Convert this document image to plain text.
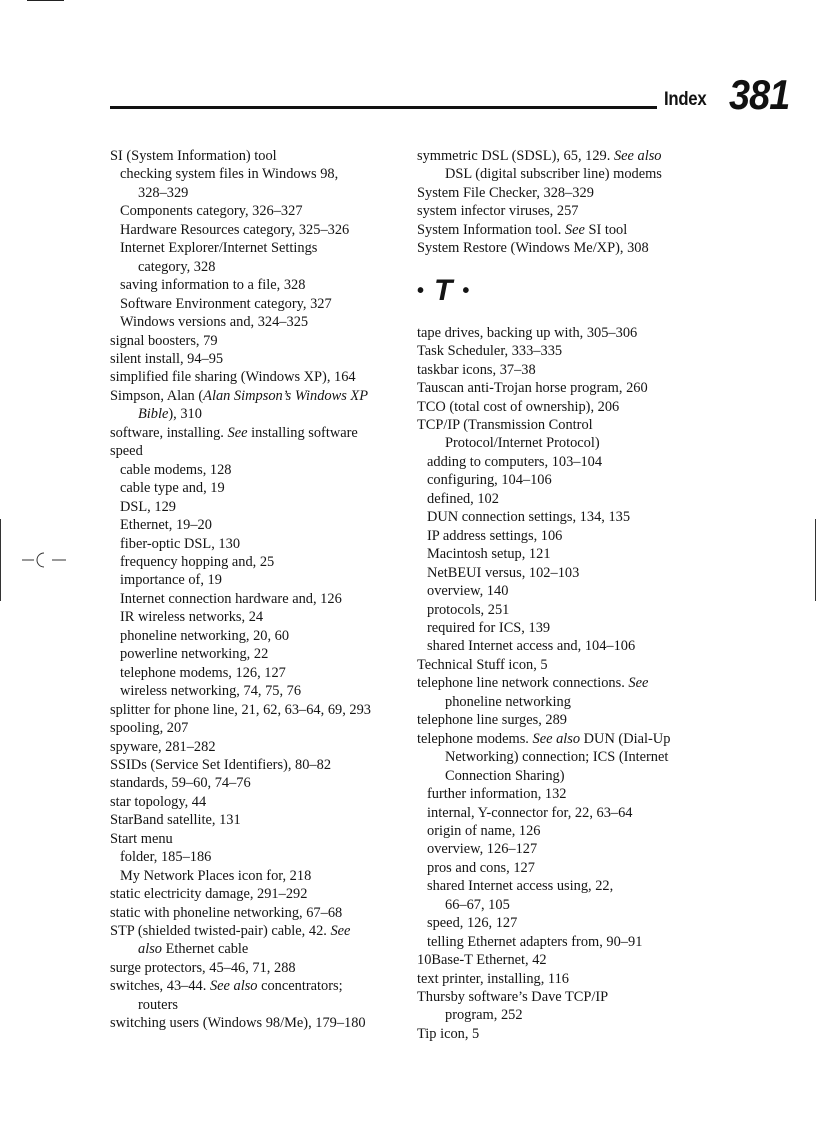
Index 381
SI (System Information) tool
checking system files in Windows 98,
328–329
Components category, 326–327
Hardware Resources category, 325–326
Internet Explorer/Internet Settings
category, 328
saving information to a file, 328
Software Environment category, 327
Windows versions and, 324–325
signal boosters, 79
silent install, 94–95
simplified file sharing (Windows XP), 164
Simpson, Alan (Alan Simpson’s Windows XP
Bible), 310
software, installing. See installing software
speed
cable modems, 128
cable type and, 19
DSL, 129
Ethernet, 19–20
fiber-optic DSL, 130
frequency hopping and, 25
importance of, 19
Internet connection hardware and, 126
IR wireless networks, 24
phoneline networking, 20, 60
powerline networking, 22
telephone modems, 126, 127
wireless networking, 74, 75, 76
splitter for phone line, 21, 62, 63–64, 69, 293
spooling, 207
spyware, 281–282
SSIDs (Service Set Identifiers), 80–82
standards, 59–60, 74–76
star topology, 44
StarBand satellite, 131
Start menu
folder, 185–186
My Network Places icon for, 218
static electricity damage, 291–292
static with phoneline networking, 67–68
STP (shielded twisted-pair) cable, 42. See
also Ethernet cable
surge protectors, 45–46, 71, 288
switches, 43–44. See also concentrators;
routers
switching users (Windows 98/Me), 179–180
symmetric DSL (SDSL), 65, 129. See also
DSL (digital subscriber line) modems
System File Checker, 328–329
system infector viruses, 257
System Information tool. See SI tool
System Restore (Windows Me/XP), 308
• T •
tape drives, backing up with, 305–306
Task Scheduler, 333–335
taskbar icons, 37–38
Tauscan anti-Trojan horse program, 260
TCO (total cost of ownership), 206
TCP/IP (Transmission Control
Protocol/Internet Protocol)
adding to computers, 103–104
configuring, 104–106
defined, 102
DUN connection settings, 134, 135
IP address settings, 106
Macintosh setup, 121
NetBEUI versus, 102–103
overview, 140
protocols, 251
required for ICS, 139
shared Internet access and, 104–106
Technical Stuff icon, 5
telephone line network connections. See
phoneline networking
telephone line surges, 289
telephone modems. See also DUN (Dial-Up
Networking) connection; ICS (Internet
Connection Sharing)
further information, 132
internal, Y-connector for, 22, 63–64
origin of name, 126
overview, 126–127
pros and cons, 127
shared Internet access using, 22,
66–67, 105
speed, 126, 127
telling Ethernet adapters from, 90–91
10Base-T Ethernet, 42
text printer, installing, 116
Thursby software’s Dave TCP/IP
program, 252
Tip icon, 5
